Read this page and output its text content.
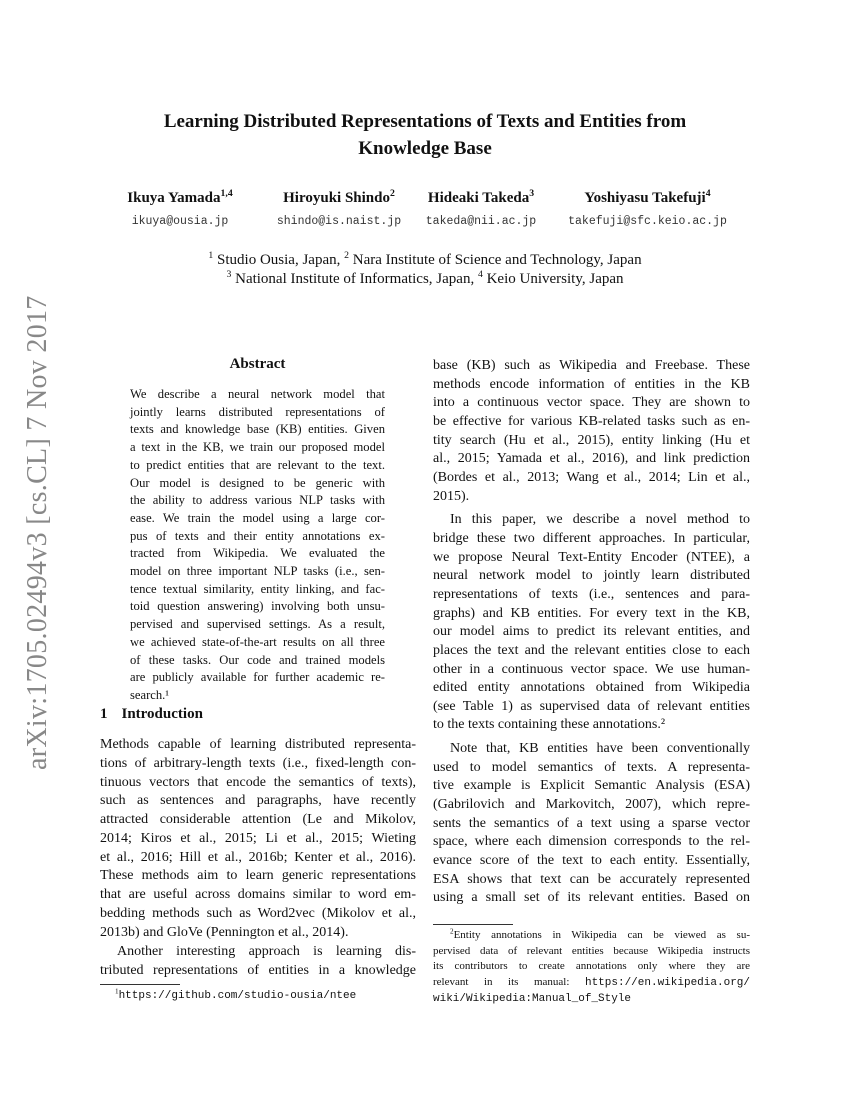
Learning Distributed Representations of Texts and Entities from
Knowledge Base
Ikuya Yamada$^{1,4}$
ikuya@ousia.jp
Hiroyuki Shindo$^2$
shindo@is.naist.jp
Hideaki Takeda$^3$
takeda@nii.ac.jp
Yoshiyasu Takefuji$^4$
takefuji@sfc.keio.ac.jp
$^1$ Studio Ousia, Japan, $^2$ Nara Institute of Science and Technology, Japan
$^3$ National Institute of Informatics, Japan, $^4$ Keio University, Japan
arXiv:1705.02494v3 [cs.CL] 7 Nov 2017	Abstract
We describe a neural network model that
jointly learns distributed representations of
texts and knowledge base (KB) entities. Given
a text in the KB, we train our proposed model
to predict entities that are relevant to the text.
Our model is designed to be generic with
the ability to address various NLP tasks with
ease. We train the model using a large cor-
pus of texts and their entity annotations ex-
tracted from Wikipedia. We evaluated the
model on three important NLP tasks (i.e., sen-
tence textual similarity, entity linking, and fac-
toid question answering) involving both unsu-
pervised and supervised settings. As a result,
we achieved state-of-the-art results on all three
of these tasks. Our code and trained models
are publicly available for further academic re-
search.¹
1 Introduction
Methods capable of learning distributed representa-
tions of arbitrary-length texts (i.e., fixed-length con-
tinuous vectors that encode the semantics of texts),
such as sentences and paragraphs, have recently
attracted considerable attention (Le and Mikolov,
2014; Kiros et al., 2015; Li et al., 2015; Wieting
et al., 2016; Hill et al., 2016b; Kenter et al., 2016).
These methods aim to learn generic representations
that are useful across domains similar to word em-
bedding methods such as Word2vec (Mikolov et al.,
2013b) and GloVe (Pennington et al., 2014).
Another interesting approach is learning dis-
tributed representations of entities in a knowledge
$^1$https://github.com/studio-ousia/ntee
base (KB) such as Wikipedia and Freebase. These
methods encode information of entities in the KB
into a continuous vector space. They are shown to
be effective for various KB-related tasks such as en-
tity search (Hu et al., 2015), entity linking (Hu et
al., 2015; Yamada et al., 2016), and link prediction
(Bordes et al., 2013; Wang et al., 2014; Lin et al.,
2015).
In this paper, we describe a novel method to
bridge these two different approaches. In particular,
we propose Neural Text-Entity Encoder (NTEE), a
neural network model to jointly learn distributed
representations of texts (i.e., sentences and para-
graphs) and KB entities. For every text in the KB,
our model aims to predict its relevant entities, and
places the text and the relevant entities close to each
other in a continuous vector space. We use human-
edited entity annotations obtained from Wikipedia
(see Table 1) as supervised data of relevant entities
to the texts containing these annotations.²
Note that, KB entities have been conventionally
used to model semantics of texts. A representa-
tive example is Explicit Semantic Analysis (ESA)
(Gabrilovich and Markovitch, 2007), which repre-
sents the semantics of a text using a sparse vector
space, where each dimension corresponds to the rel-
evance score of the text to each entity. Essentially,
ESA shows that text can be accurately represented
using a small set of its relevant entities. Based on
$^2$Entity annotations in Wikipedia can be viewed as su-
pervised data of relevant entities because Wikipedia instructs
its contributors to create annotations only where they are
relevant in its manual: https://en.wikipedia.org/
wiki/Wikipedia:Manual_of_Style
